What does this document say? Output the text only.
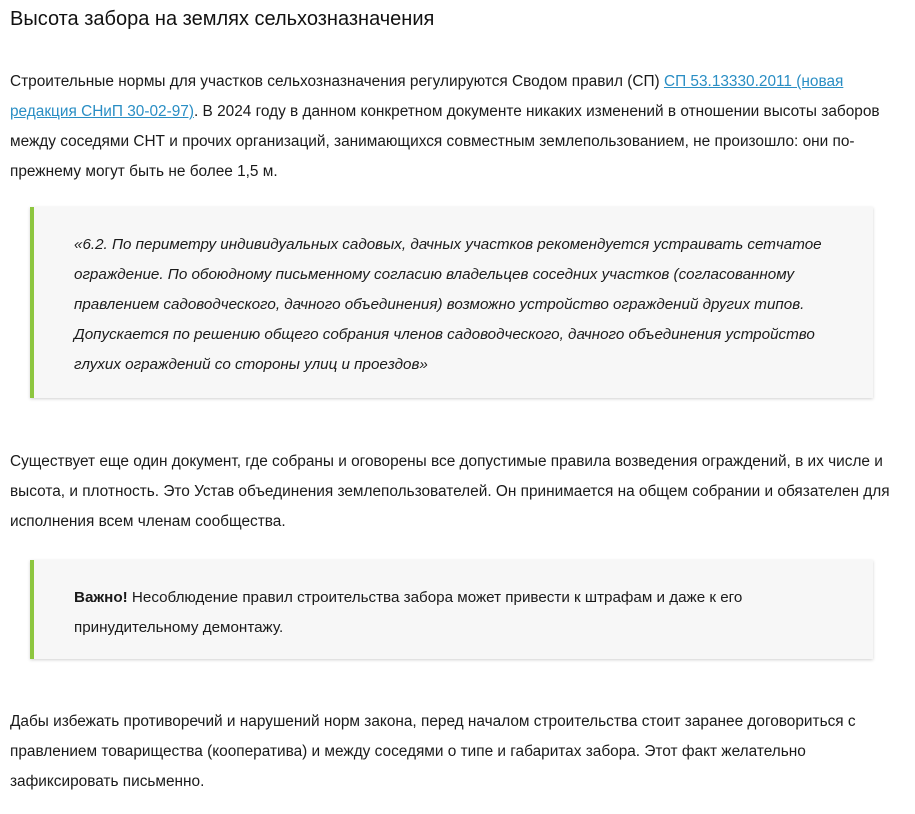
Высота забора на землях сельхозназначения

Строительные нормы для участков сельхозназначения регулируются Сводом правил (СП) СП 53.13330.2011 (новая редакция СНиП 30-02-97). В 2024 году в данном конкретном документе никаких изменений в отношении высоты заборов между соседями СНТ и прочих организаций, занимающихся совместным землепользованием, не произошло: они по-прежнему могут быть не более 1,5 м.

«6.2. По периметру индивидуальных садовых, дачных участков рекомендуется устраивать сетчатое ограждение. По обоюдному письменному согласию владельцев соседних участков (согласованному правлением садоводческого, дачного объединения) возможно устройство ограждений других типов.
Допускается по решению общего собрания членов садоводческого, дачного объединения устройство глухих ограждений со стороны улиц и проездов»

Существует еще один документ, где собраны и оговорены все допустимые правила возведения ограждений, в их числе и высота, и плотность. Это Устав объединения землепользователей. Он принимается на общем собрании и обязателен для исполнения всем членам сообщества.

Важно! Несоблюдение правил строительства забора может привести к штрафам и даже к его принудительному демонтажу.

Дабы избежать противоречий и нарушений норм закона, перед началом строительства стоит заранее договориться с правлением товарищества (кооператива) и между соседями о типе и габаритах забора. Этот факт желательно зафиксировать письменно.
